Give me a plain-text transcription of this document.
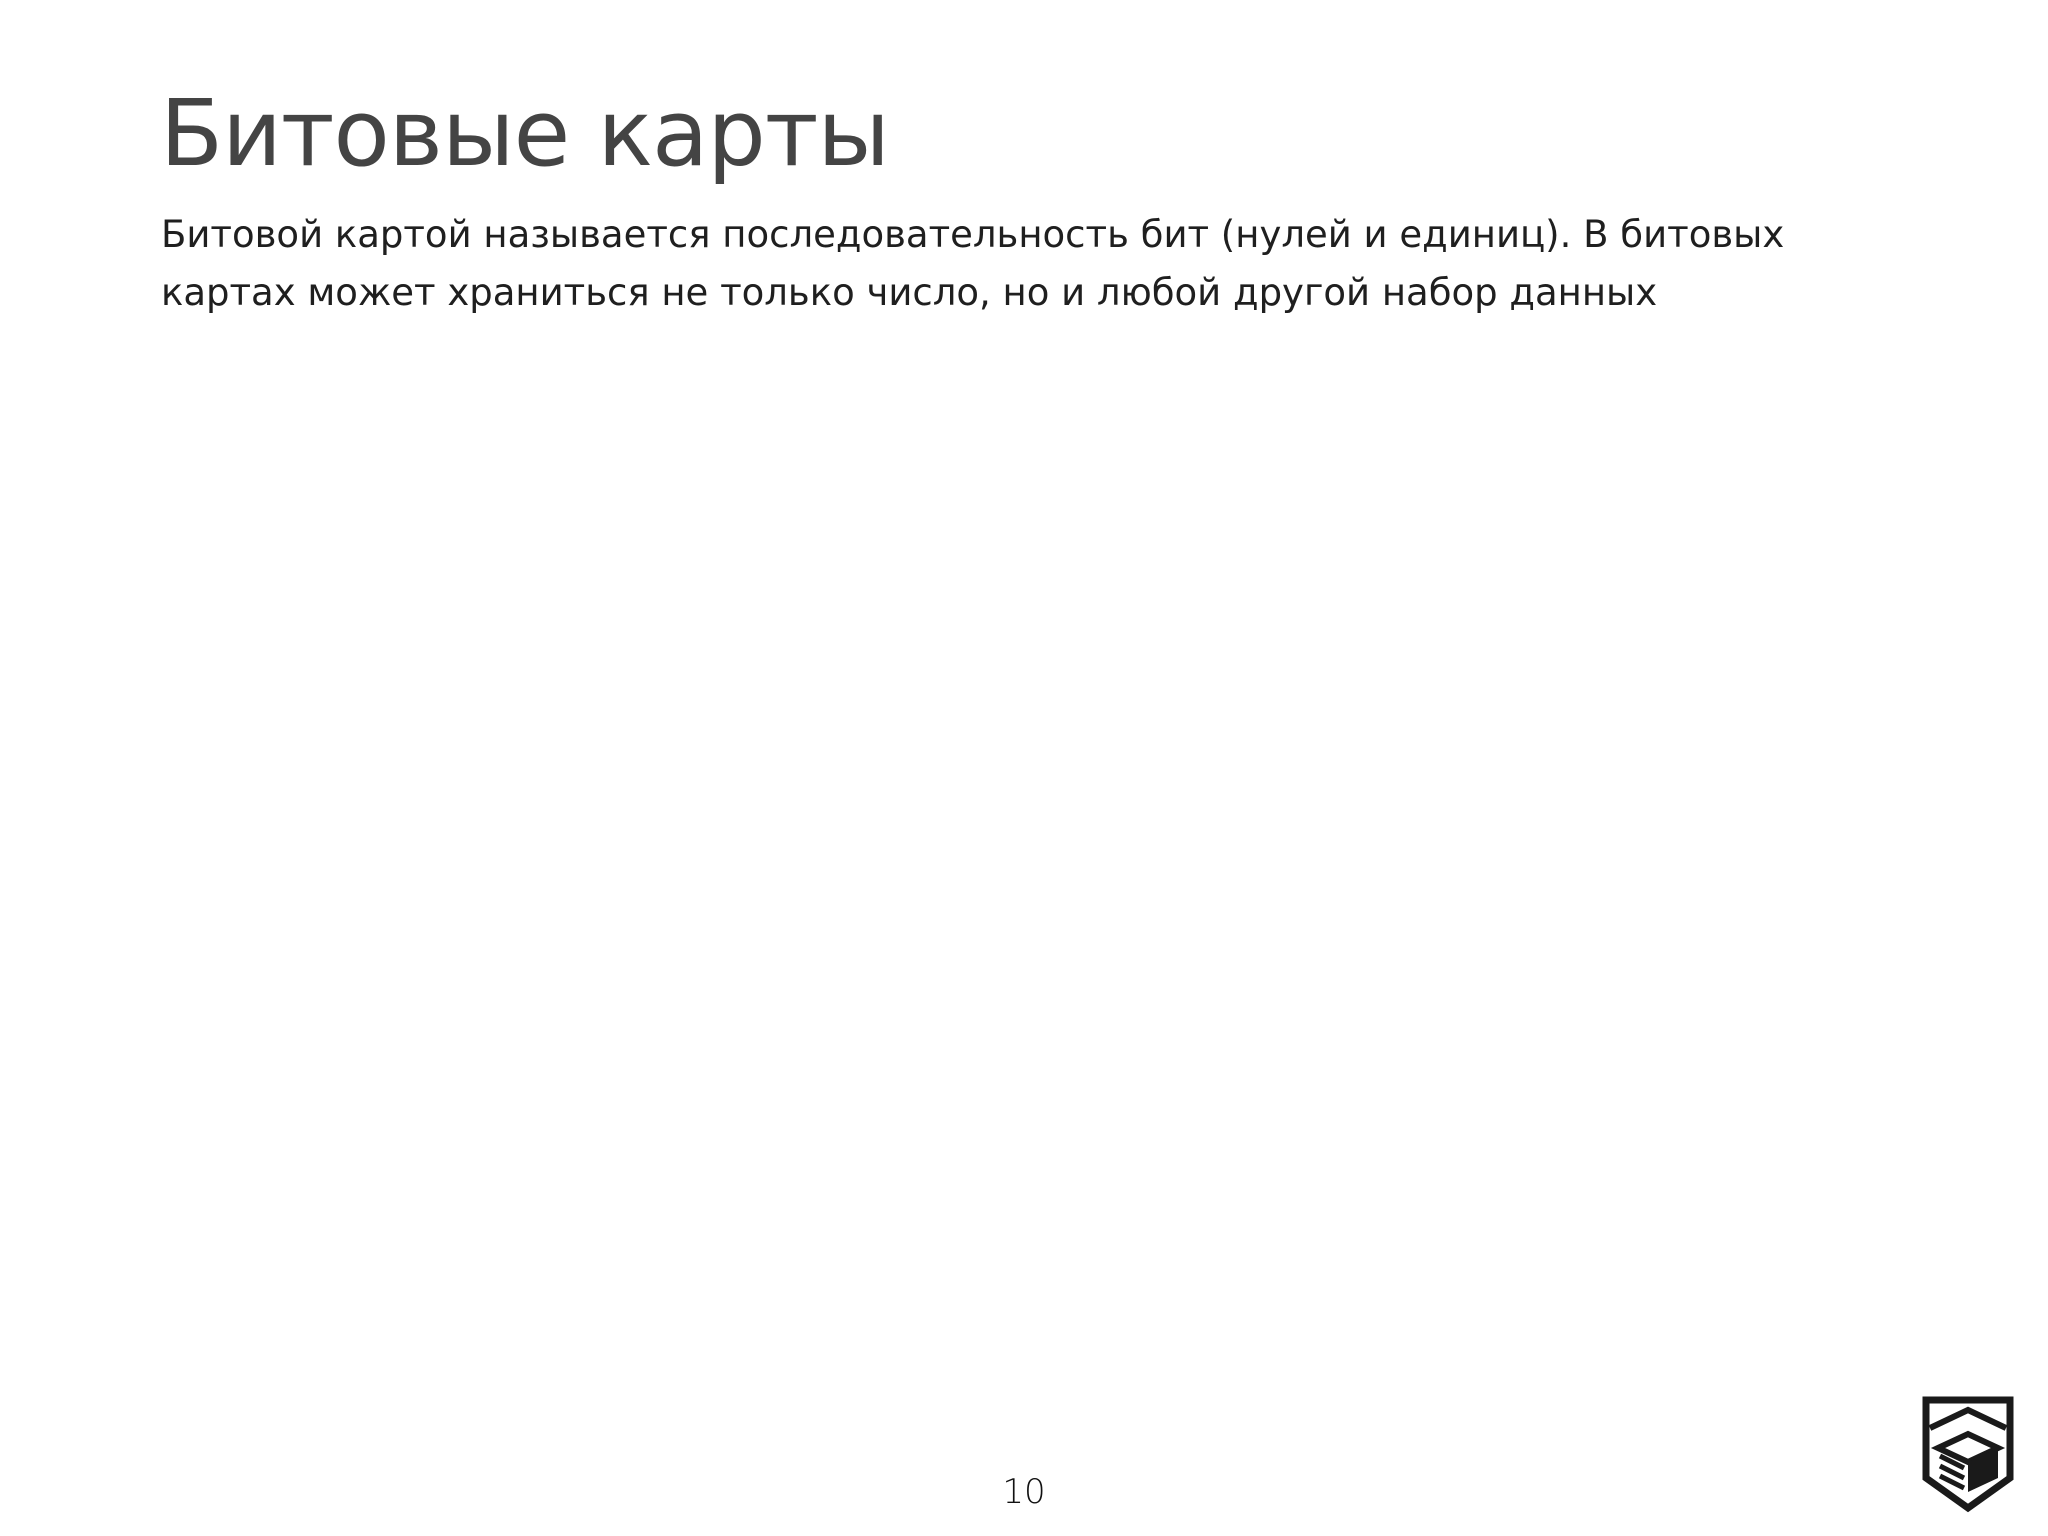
Битовые карты

Битовой картой называется последовательность бит (нулей и единиц). В битовых
картах может храниться не только число, но и любой другой набор данных

10
